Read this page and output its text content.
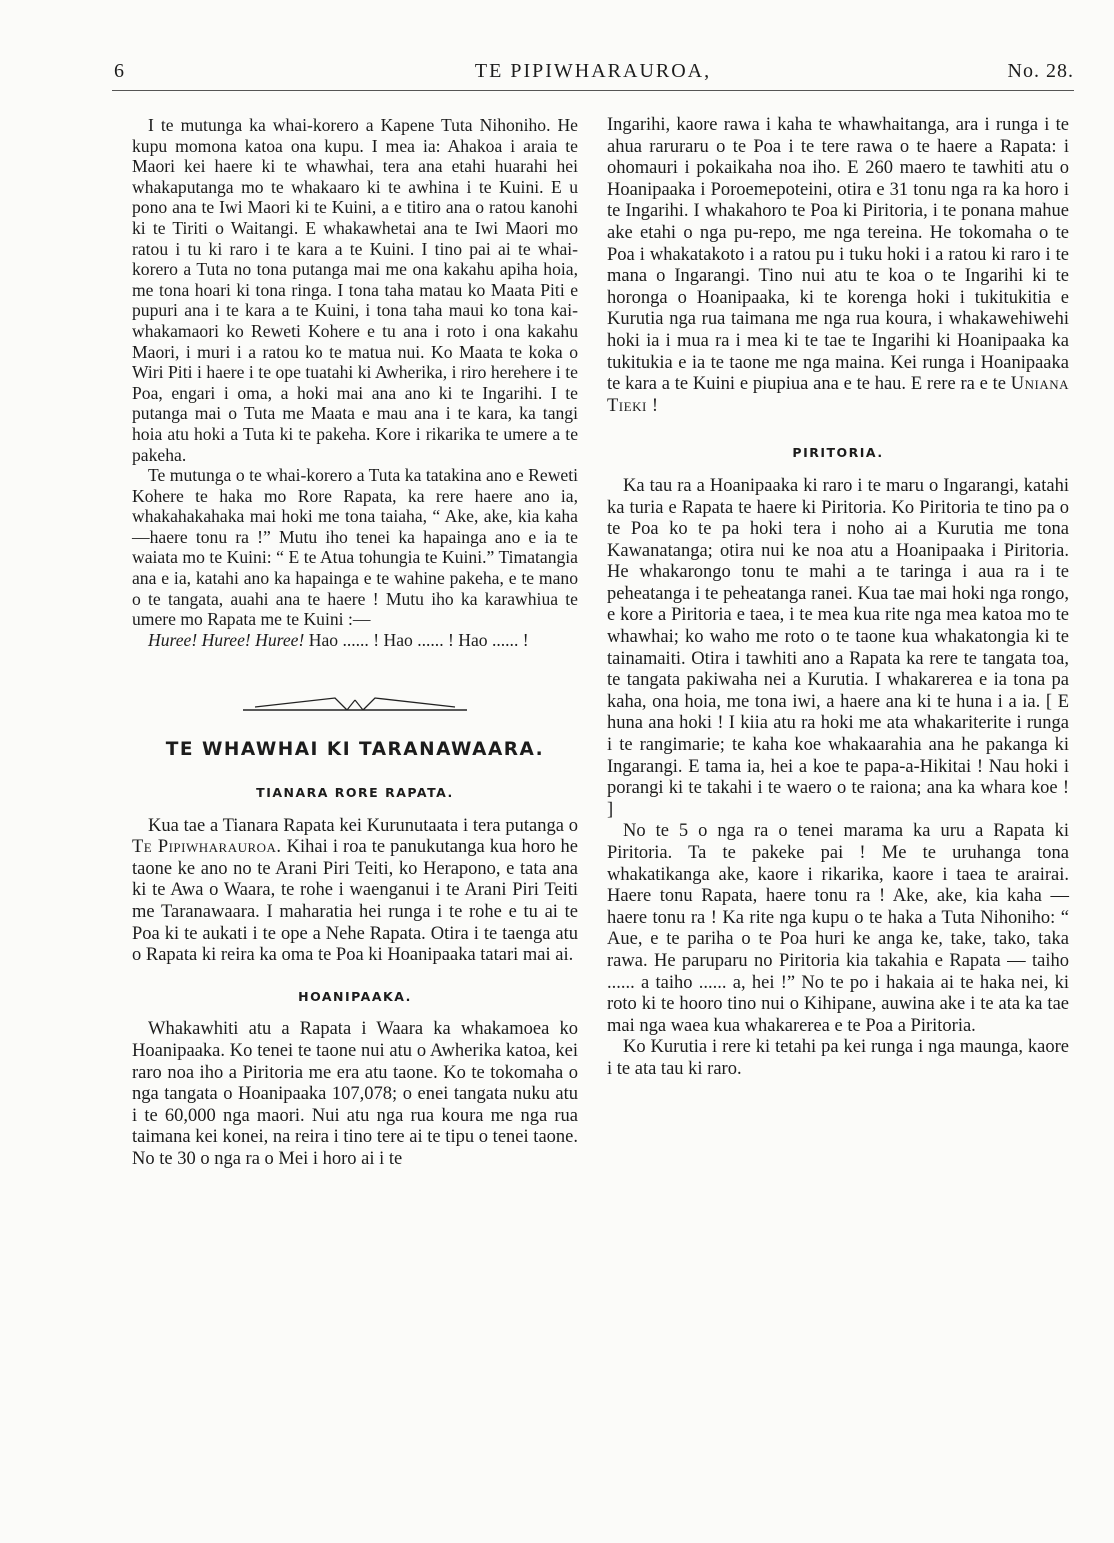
6	TE PIPIWHARAUROA,	No. 28.

I te mutunga ka whai-korero a Kapene Tuta Nihoniho. He kupu momona katoa ona kupu. I mea ia: Ahakoa i araia te Maori kei haere ki te whawhai, tera ana etahi huarahi hei whakaputanga mo te whakaaro ki te awhina i te Kuini. E u pono ana te Iwi Maori ki te Kuini, a e titiro ana o ratou kanohi ki te Tiriti o Waitangi. E whakawhetai ana te Iwi Maori mo ratou i tu ki raro i te kara a te Kuini. I tino pai ai te whai-korero a Tuta no tona putanga mai me ona kakahu apiha hoia, me tona hoari ki tona ringa. I tona taha matau ko Maata Piti e pupuri ana i te kara a te Kuini, i tona taha maui ko tona kai-whakamaori ko Reweti Kohere e tu ana i roto i ona kakahu Maori, i muri i a ratou ko te matua nui. Ko Maata te koka o Wiri Piti i haere i te ope tuatahi ki Awherika, i riro herehere i te Poa, engari i oma, a hoki mai ana ano ki te Ingarihi. I te putanga mai o Tuta me Maata e mau ana i te kara, ka tangi hoia atu hoki a Tuta ki te pakeha. Kore i rikarika te umere a te pakeha.

Te mutunga o te whai-korero a Tuta ka tatakina ano e Reweti Kohere te haka mo Rore Rapata, ka rere haere ano ia, whakahakahaka mai hoki me tona taiaha, “ Ake, ake, kia kaha—haere tonu ra !” Mutu iho tenei ka hapainga ano e ia te waiata mo te Kuini: “ E te Atua tohungia te Kuini.” Timatangia ana e ia, katahi ano ka hapainga e te wahine pakeha, e te mano o te tangata, auahi ana te haere ! Mutu iho ka karawhiua te umere mo Rapata me te Kuini :—

Huree! Huree! Huree! Hao ...... ! Hao ...... ! Hao ...... !

TE WHAWHAI KI TARANAWAARA.
TIANARA RORE RAPATA.

Kua tae a Tianara Rapata kei Kurunutaata i tera putanga o Te Pipiwharauroa. Kihai i roa te panukutanga kua horo he taone ke ano no te Arani Piri Teiti, ko Herapono, e tata ana ki te Awa o Waara, te rohe i waenganui i te Arani Piri Teiti me Taranawaara. I maharatia hei runga i te rohe e tu ai te Poa ki te aukati i te ope a Nehe Rapata. Otira i te taenga atu o Rapata ki reira ka oma te Poa ki Hoanipaaka tatari mai ai.

HOANIPAAKA.

Whakawhiti atu a Rapata i Waara ka whakamoea ko Hoanipaaka. Ko tenei te taone nui atu o Awherika katoa, kei raro noa iho a Piritoria me era atu taone. Ko te tokomaha o nga tangata o Hoanipaaka 107,078; o enei tangata nuku atu i te 60,000 nga maori. Nui atu nga rua koura me nga rua taimana kei konei, na reira i tino tere ai te tipu o tenei taone. No te 30 o nga ra o Mei i horo ai i te

Ingarihi, kaore rawa i kaha te whawhaitanga, ara i runga i te ahua raruraru o te Poa i te tere rawa o te haere a Rapata: i ohomauri i pokaikaha noa iho. E 260 maero te tawhiti atu o Hoanipaaka i Poroemepoteini, otira e 31 tonu nga ra ka horo i te Ingarihi. I whakahoro te Poa ki Piritoria, i te ponana mahue ake etahi o nga pu-repo, me nga tereina. He tokomaha o te Poa i whakatakoto i a ratou pu i tuku hoki i a ratou ki raro i te mana o Ingarangi. Tino nui atu te koa o te Ingarihi ki te horonga o Hoanipaaka, ki te korenga hoki i tukitukitia e Kurutia nga rua taimana me nga rua koura, i whakawehiwehi hoki ia i mua ra i mea ki te tae te Ingarihi ki Hoanipaaka ka tukitukia e ia te taone me nga maina. Kei runga i Hoanipaaka te kara a te Kuini e piupiua ana e te hau. E rere ra e te Uniana Tieki !

PIRITORIA.

Ka tau ra a Hoanipaaka ki raro i te maru o Ingarangi, katahi ka turia e Rapata te haere ki Piritoria. Ko Piritoria te tino pa o te Poa ko te pa hoki tera i noho ai a Kurutia me tona Kawanatanga; otira nui ke noa atu a Hoanipaaka i Piritoria. He whakarongo tonu te mahi a te taringa i aua ra i te peheatanga i te peheatanga ranei. Kua tae mai hoki nga rongo, e kore a Piritoria e taea, i te mea kua rite nga mea katoa mo te whawhai; ko waho me roto o te taone kua whakatongia ki te tainamaiti. Otira i tawhiti ano a Rapata ka rere te tangata toa, te tangata pakiwaha nei a Kurutia. I whakarerea e ia tona pa kaha, ona hoia, me tona iwi, a haere ana ki te huna i a ia. [ E huna ana hoki ! I kiia atu ra hoki me ata whakariterite i runga i te rangimarie; te kaha koe whakaarahia ana he pakanga ki Ingarangi. E tama ia, hei a koe te papa-a-Hikitai ! Nau hoki i porangi ki te takahi i te waero o te raiona; ana ka whara koe ! ]

No te 5 o nga ra o tenei marama ka uru a Rapata ki Piritoria. Ta te pakeke pai ! Me te uruhanga tona whakatikanga ake, kaore i rikarika, kaore i taea te arairai. Haere tonu Rapata, haere tonu ra ! Ake, ake, kia kaha — haere tonu ra ! Ka rite nga kupu o te haka a Tuta Nihoniho: “ Aue, e te pariha o te Poa huri ke anga ke, take, tako, taka rawa. He paruparu no Piritoria kia takahia e Rapata — taiho ...... a taiho ...... a, hei !” No te po i hakaia ai te haka nei, ki roto ki te hooro tino nui o Kihipane, auwina ake i te ata ka tae mai nga waea kua whakarerea e te Poa a Piritoria.

Ko Kurutia i rere ki tetahi pa kei runga i nga maunga, kaore i te ata tau ki raro.
